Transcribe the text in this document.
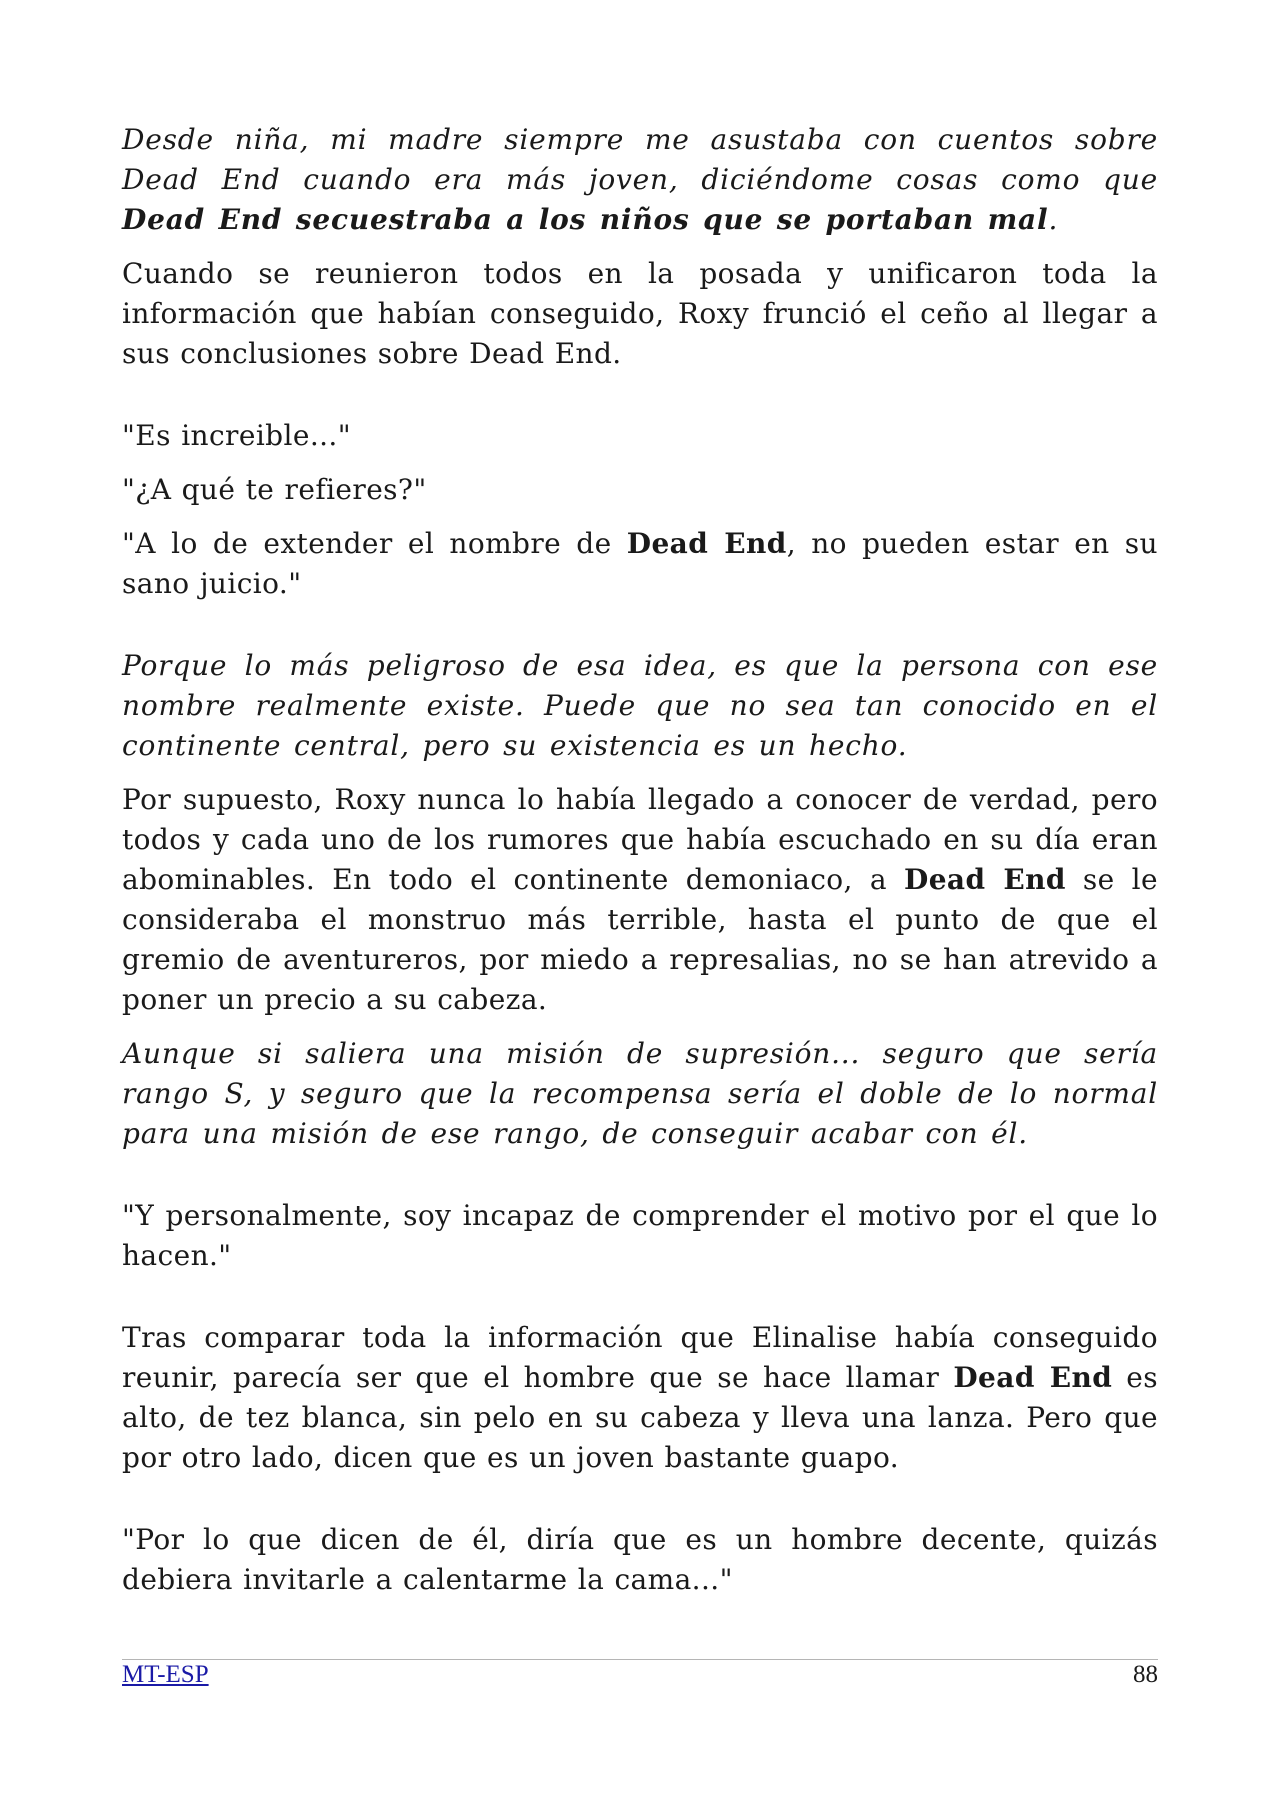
Desde niña, mi madre siempre me asustaba con cuentos sobre Dead End cuando era más joven, diciéndome cosas como que Dead End secuestraba a los niños que se portaban mal.

Cuando se reunieron todos en la posada y unificaron toda la información que habían conseguido, Roxy frunció el ceño al llegar a sus conclusiones sobre Dead End.

"Es increible..."

"¿A qué te refieres?"

"A lo de extender el nombre de Dead End, no pueden estar en su sano juicio."

Porque lo más peligroso de esa idea, es que la persona con ese nombre realmente existe. Puede que no sea tan conocido en el continente central, pero su existencia es un hecho.

Por supuesto, Roxy nunca lo había llegado a conocer de verdad, pero todos y cada uno de los rumores que había escuchado en su día eran abominables. En todo el continente demoniaco, a Dead End se le consideraba el monstruo más terrible, hasta el punto de que el gremio de aventureros, por miedo a represalias, no se han atrevido a poner un precio a su cabeza.

Aunque si saliera una misión de supresión... seguro que sería rango S, y seguro que la recompensa sería el doble de lo normal para una misión de ese rango, de conseguir acabar con él.

"Y personalmente, soy incapaz de comprender el motivo por el que lo hacen."

Tras comparar toda la información que Elinalise había conseguido reunir, parecía ser que el hombre que se hace llamar Dead End es alto, de tez blanca, sin pelo en su cabeza y lleva una lanza. Pero que por otro lado, dicen que es un joven bastante guapo.

"Por lo que dicen de él, diría que es un hombre decente, quizás debiera invitarle a calentarme la cama..."

MT-ESP	88
